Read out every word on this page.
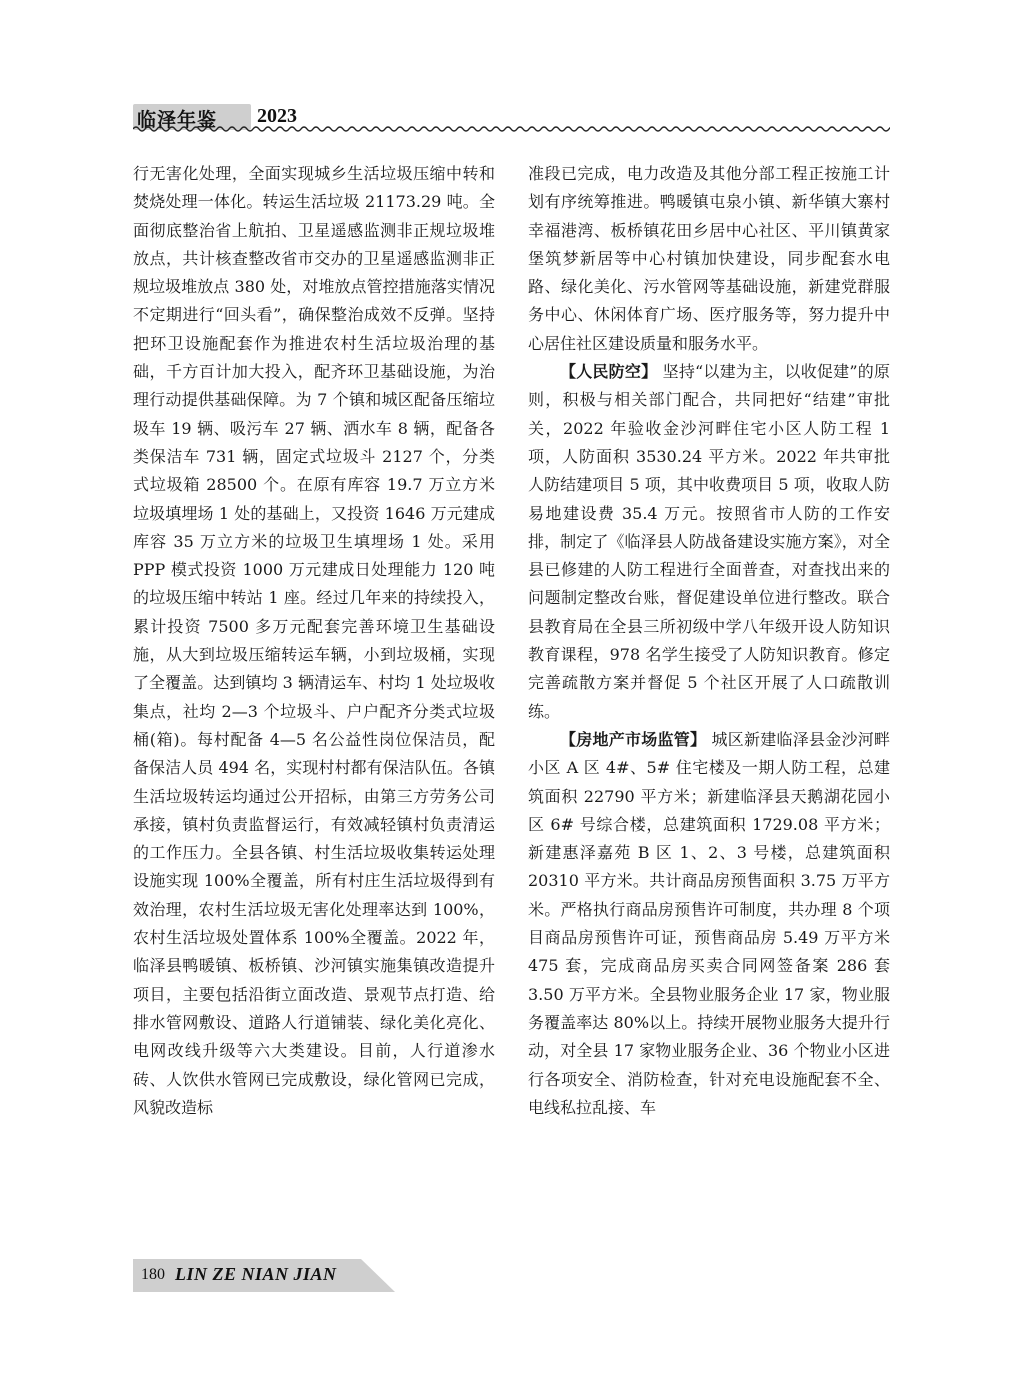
临泽年鉴 2023

行无害化处理，全面实现城乡生活垃圾压缩中转和焚烧处理一体化。转运生活垃圾 21173.29 吨。全面彻底整治省上航拍、卫星遥感监测非正规垃圾堆放点，共计核查整改省市交办的卫星遥感监测非正规垃圾堆放点 380 处，对堆放点管控措施落实情况不定期进行“回头看”，确保整治成效不反弹。坚持把环卫设施配套作为推进农村生活垃圾治理的基础，千方百计加大投入，配齐环卫基础设施，为治理行动提供基础保障。为 7 个镇和城区配备压缩垃圾车 19 辆、吸污车 27 辆、洒水车 8 辆，配备各类保洁车 731 辆，固定式垃圾斗 2127 个，分类式垃圾箱 28500 个。在原有库容 19.7 万立方米垃圾填埋场 1 处的基础上，又投资 1646 万元建成库容 35 万立方米的垃圾卫生填埋场 1 处。采用 PPP 模式投资 1000 万元建成日处理能力 120 吨的垃圾压缩中转站 1 座。经过几年来的持续投入，累计投资 7500 多万元配套完善环境卫生基础设施，从大到垃圾压缩转运车辆，小到垃圾桶，实现了全覆盖。达到镇均 3 辆清运车、村均 1 处垃圾收集点，社均 2—3 个垃圾斗、户户配齐分类式垃圾桶(箱)。每村配备 4—5 名公益性岗位保洁员，配备保洁人员 494 名，实现村村都有保洁队伍。各镇生活垃圾转运均通过公开招标，由第三方劳务公司承接，镇村负责监督运行，有效减轻镇村负责清运的工作压力。全县各镇、村生活垃圾收集转运处理设施实现 100%全覆盖，所有村庄生活垃圾得到有效治理，农村生活垃圾无害化处理率达到 100%，农村生活垃圾处置体系 100%全覆盖。2022 年，临泽县鸭暖镇、板桥镇、沙河镇实施集镇改造提升项目，主要包括沿街立面改造、景观节点打造、给排水管网敷设、道路人行道铺装、绿化美化亮化、电网改线升级等六大类建设。目前，人行道渗水砖、人饮供水管网已完成敷设，绿化管网已完成，风貌改造标

准段已完成，电力改造及其他分部工程正按施工计划有序统筹推进。鸭暖镇屯泉小镇、新华镇大寨村幸福港湾、板桥镇花田乡居中心社区、平川镇黄家堡筑梦新居等中心村镇加快建设，同步配套水电路、绿化美化、污水管网等基础设施，新建党群服务中心、休闲体育广场、医疗服务等，努力提升中心居住社区建设质量和服务水平。

【人民防空】 坚持“以建为主，以收促建”的原则，积极与相关部门配合，共同把好“结建”审批关，2022 年验收金沙河畔住宅小区人防工程 1 项，人防面积 3530.24 平方米。2022 年共审批人防结建项目 5 项，其中收费项目 5 项，收取人防易地建设费 35.4 万元。按照省市人防的工作安排，制定了《临泽县人防战备建设实施方案》，对全县已修建的人防工程进行全面普查，对查找出来的问题制定整改台账，督促建设单位进行整改。联合县教育局在全县三所初级中学八年级开设人防知识教育课程，978 名学生接受了人防知识教育。修定完善疏散方案并督促 5 个社区开展了人口疏散训练。

【房地产市场监管】 城区新建临泽县金沙河畔小区 A 区 4#、5# 住宅楼及一期人防工程，总建筑面积 22790 平方米；新建临泽县天鹅湖花园小区 6# 号综合楼，总建筑面积 1729.08 平方米；新建惠泽嘉苑 B 区 1、2、3 号楼，总建筑面积 20310 平方米。共计商品房预售面积 3.75 万平方米。严格执行商品房预售许可制度，共办理 8 个项目商品房预售许可证，预售商品房 5.49 万平方米 475 套，完成商品房买卖合同网签备案 286 套 3.50 万平方米。全县物业服务企业 17 家，物业服务覆盖率达 80%以上。持续开展物业服务大提升行动，对全县 17 家物业服务企业、36 个物业小区进行各项安全、消防检查，针对充电设施配套不全、电线私拉乱接、车

180 LIN ZE NIAN JIAN
